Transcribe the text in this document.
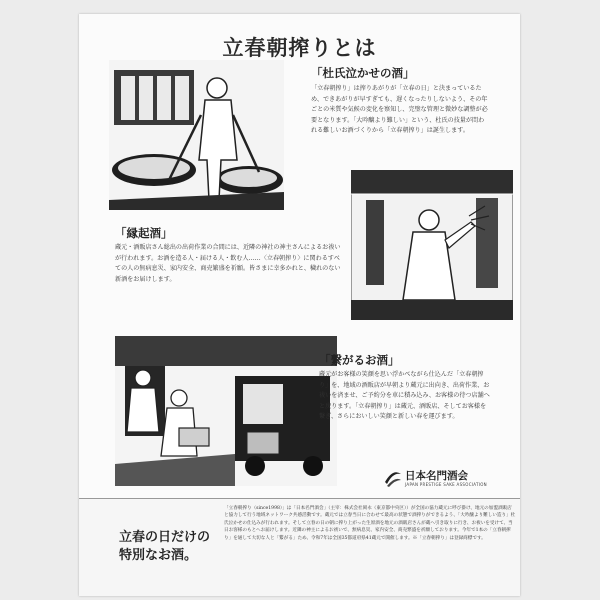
立春朝搾りとは
「杜氏泣かせの酒」

「立春朝搾り」は搾りあがりが「立春の日」と決まっているため、できあがりが早すぎても、遅くなったりしないよう、その年ごとの米質や気候の変化を察知し、完璧な管理と微妙な調整が必要となります。「大吟醸より難しい」という、杜氏の技量が問われる難しいお酒づくりから「立春朝搾り」は誕生します。

「縁起酒」

蔵元・酒販店さん総出の出荷作業の合間には、近隣の神社の神主さんによるお祓いが行われます。お酒を造る人・届ける人・飲む人……〈立春朝搾り〉に関わるすべての人の無病息災、家内安全、商売繁盛を祈願。皆さまに幸多かれと、穢れのない新酒をお届けします。

「繋がるお酒」

蔵元がお客様の笑顔を思い浮かべながら仕込んだ「立春朝搾り」を、地域の酒販店が早朝より蔵元に出向き、出荷作業、お祓いを済ませ、ご予約分を車に積み込み、お客様の待つ店舗へと戻ります。「立春朝搾り」は蔵元、酒販店、そしてお客様を繋ぎ、さらにおいしい笑顔と新しい春を運びます。

日本名門酒会
JAPAN PRESTIGE SAKE ASSOCIATION
立春の日だけの
特別なお酒。

「立春朝搾り（since1998）」は「日本名門酒会」（主宰：株式会社岡永（東京都中央区））が全国の協力蔵元に呼び掛け、地元の加盟酒販店と協力して行う地域ネットワーク共感活動です。蔵元では立春当日に合わせて最高の状態で酒搾りができるよう、「大吟醸より難しい造り」杜氏泣かせの仕込みが行われます。そして立春の日の朝に搾り上がった生原酒を地元の酒販店さんが蔵へ引き取りに行き、お祓いを受けて、当日お客様のもとへお届けします。近隣の神主によるお祓いで、無病息災、家内安全、商売繁盛を祈願しております。今年で1本の「立春朝搾り」を通して大切な人と「繋がる」ため、令和7年は全国35都道府県41蔵元で開催します。※「立春朝搾り」は登録商標です。
